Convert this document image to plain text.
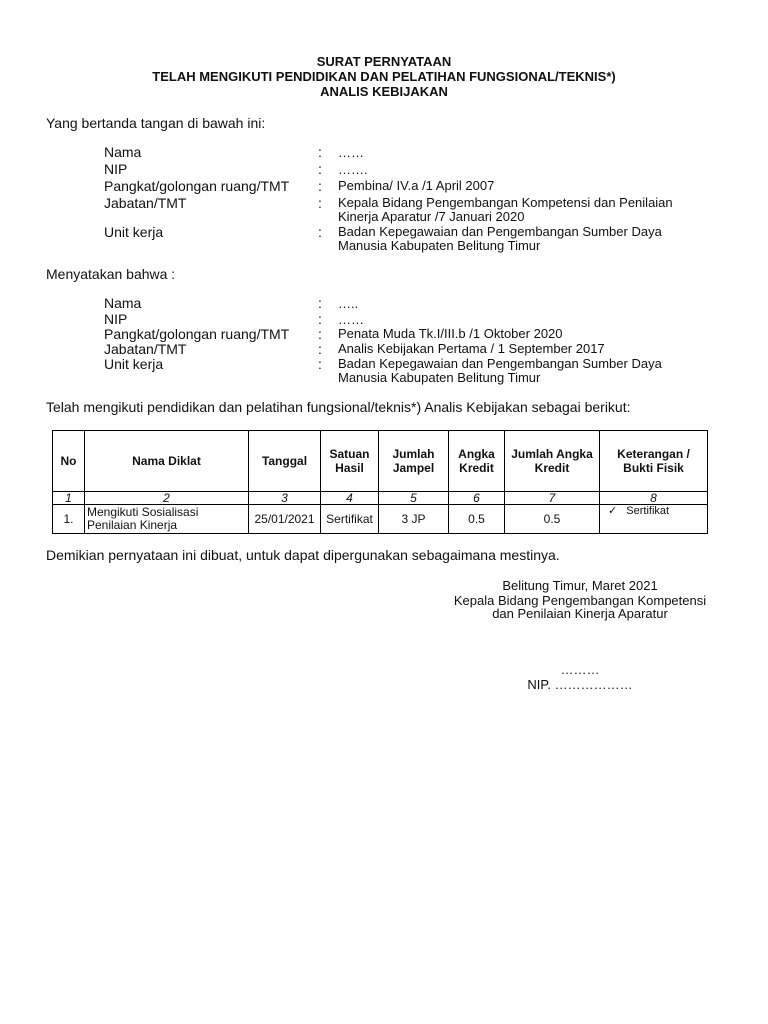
SURAT PERNYATAAN
TELAH MENGIKUTI PENDIDIKAN DAN PELATIHAN FUNGSIONAL/TEKNIS*)
ANALIS KEBIJAKAN
Yang bertanda tangan di bawah ini:
Nama	: ……
NIP	: …….
Pangkat/golongan ruang/TMT : Pembina/ IV.a /1 April 2007
Jabatan/TMT	: Kepala Bidang Pengembangan Kompetensi dan Penilaian Kinerja Aparatur /7 Januari 2020
Unit kerja	: Badan Kepegawaian dan Pengembangan Sumber Daya Manusia Kabupaten Belitung Timur
Menyatakan bahwa :
Nama	: …..
NIP	: ……
Pangkat/golongan ruang/TMT : Penata Muda Tk.I/III.b /1 Oktober 2020
Jabatan/TMT	: Analis Kebijakan Pertama / 1 September 2017
Unit kerja	: Badan Kepegawaian dan Pengembangan Sumber Daya Manusia Kabupaten Belitung Timur
Telah mengikuti pendidikan dan pelatihan fungsional/teknis*) Analis Kebijakan sebagai berikut:
No	Nama Diklat	Tanggal	Satuan Hasil	Jumlah Jampel	Angka Kredit	Jumlah Angka Kredit	Keterangan / Bukti Fisik
1	2	3	4	5	6	7	8
1.	Mengikuti Sosialisasi Penilaian Kinerja	25/01/2021	Sertifikat	3 JP	0.5	0.5	✓ Sertifikat
Demikian pernyataan ini dibuat, untuk dapat dipergunakan sebagaimana mestinya.
Belitung Timur, Maret 2021
Kepala Bidang Pengembangan Kompetensi
dan Penilaian Kinerja Aparatur
………
NIP. ………………
